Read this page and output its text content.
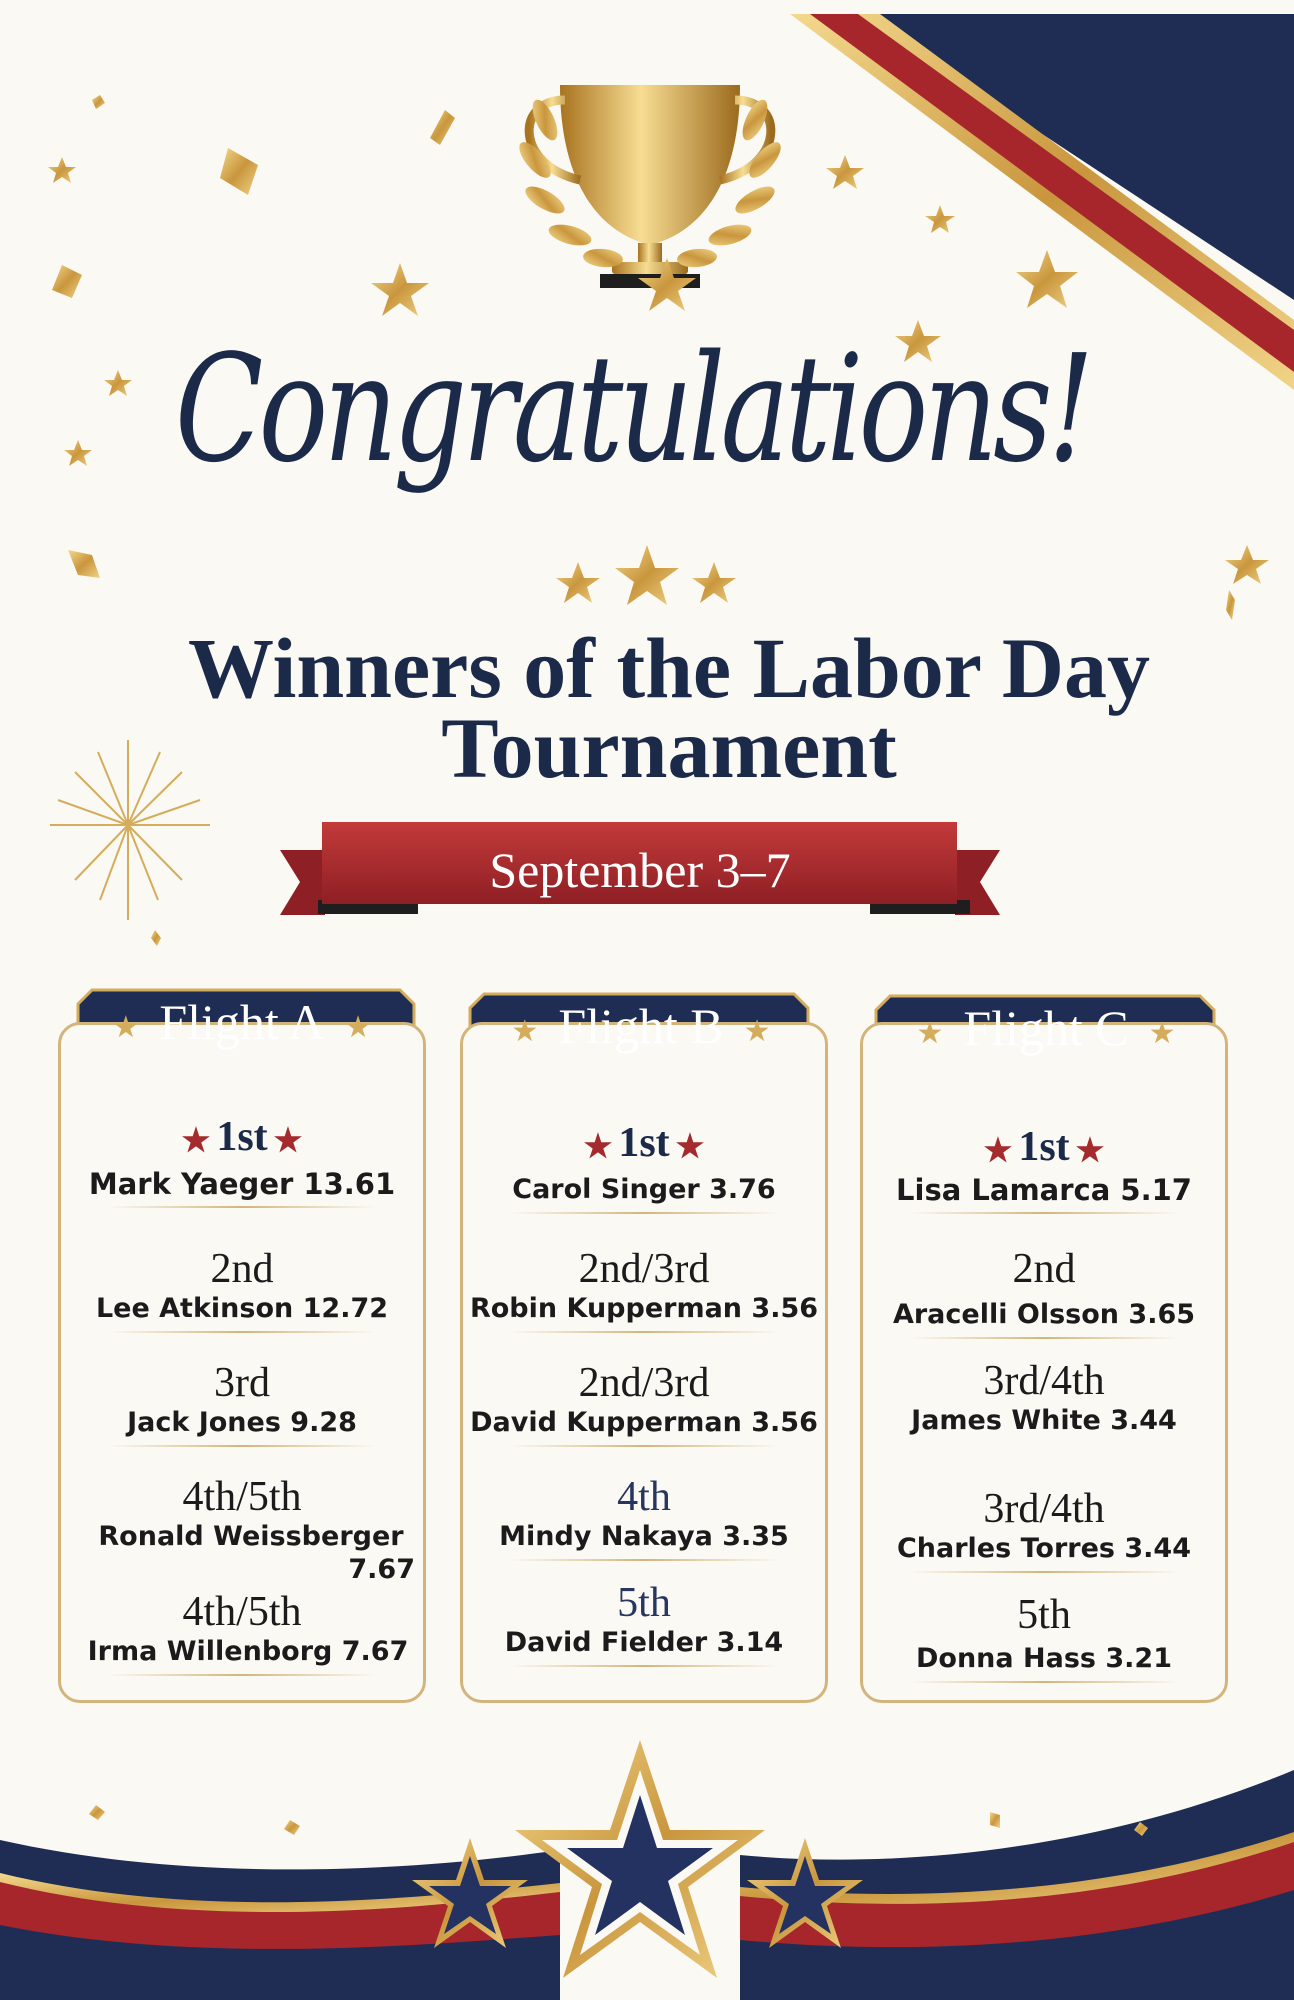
Congratulations!
Winners of the Labor Day
Tournament
September 3–7
★ Flight A ★
★ 1st ★
Mark Yaeger 13.61
2nd
Lee Atkinson 12.72
3rd
Jack Jones 9.28
4th/5th
Ronald Weissberger
7.67
4th/5th
Irma Willenborg 7.67
★ Flight B ★
★ 1st ★
Carol Singer 3.76
2nd/3rd
Robin Kupperman 3.56
2nd/3rd
David Kupperman 3.56
4th
Mindy Nakaya 3.35
5th
David Fielder 3.14
★ Flight C ★
★ 1st ★
Lisa Lamarca 5.17
2nd
Aracelli Olsson 3.65
3rd/4th
James White 3.44
3rd/4th
Charles Torres 3.44
5th
Donna Hass 3.21
